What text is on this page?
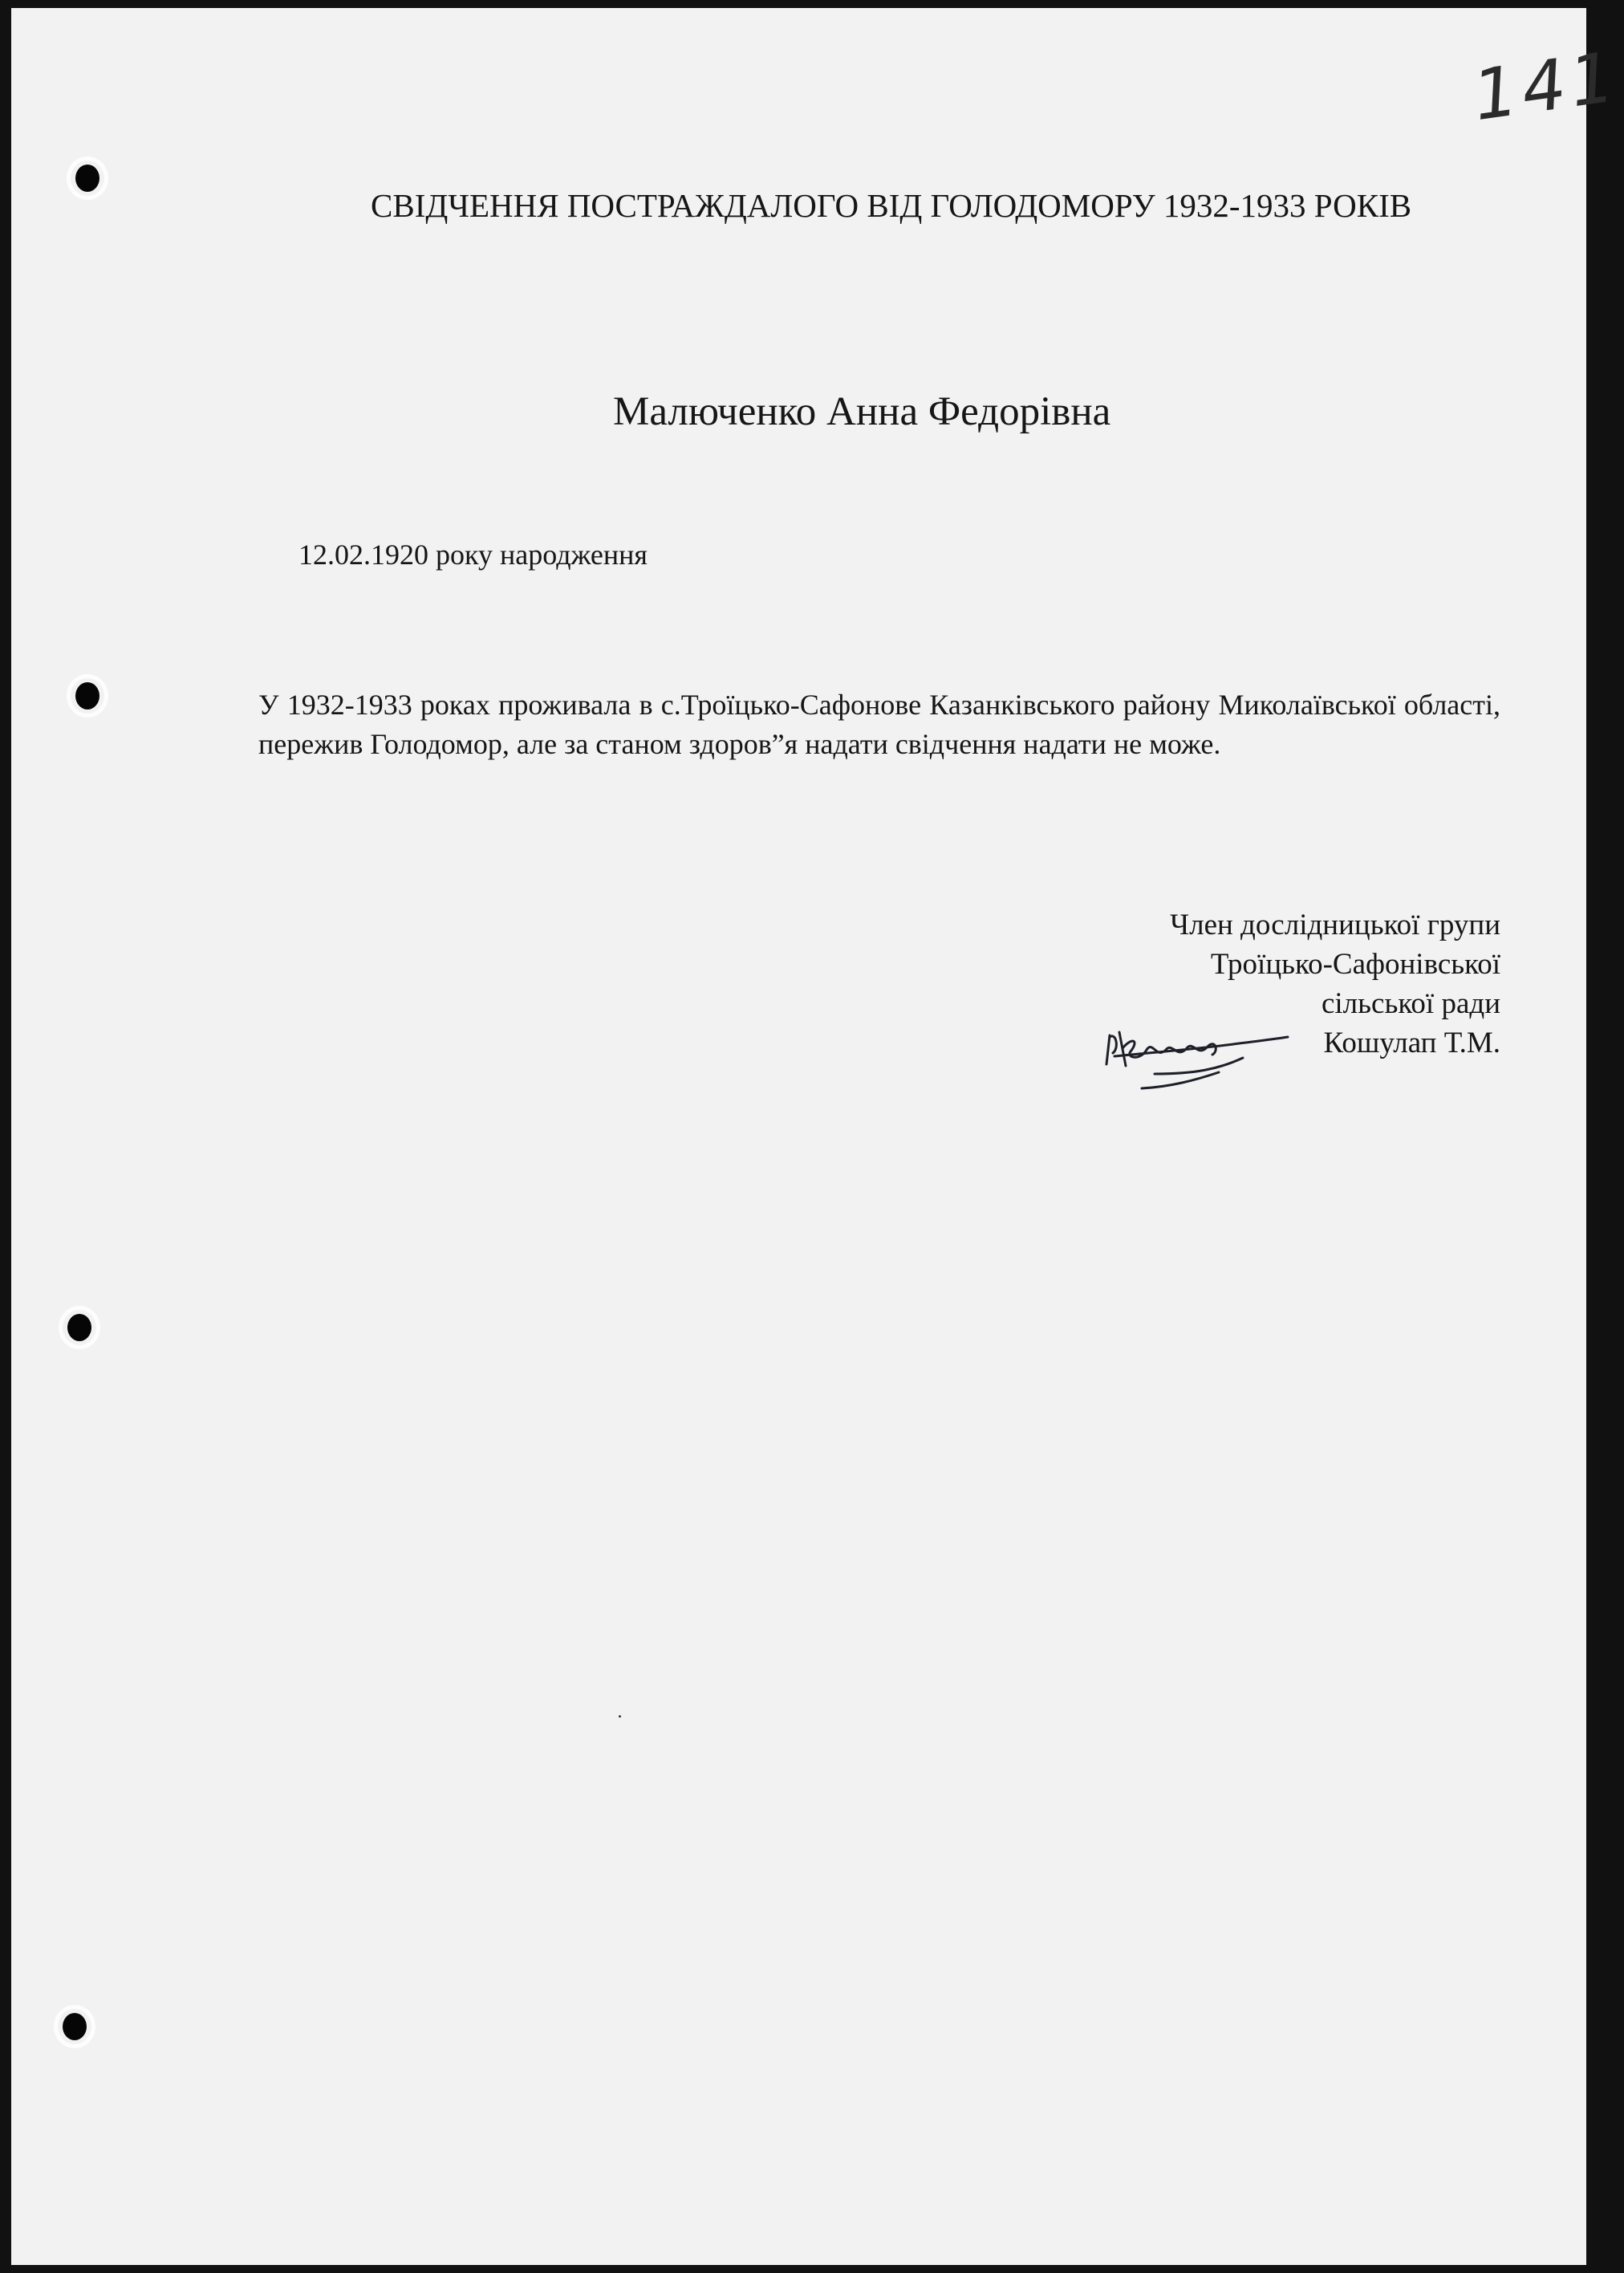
141

СВІДЧЕННЯ ПОСТРАЖДАЛОГО ВІД ГОЛОДОМОРУ 1932-1933 РОКІВ

Малюченко Анна Федорівна

12.02.1920 року народження

У 1932-1933 роках проживала в с.Троїцько-Сафонове Казанківського району Миколаївської області, пережив Голодомор, але за станом здоров”я надати свідчення надати не може.

Член дослідницької групи
Троїцько-Сафонівської
сільської ради
Кошулап Т.М.
